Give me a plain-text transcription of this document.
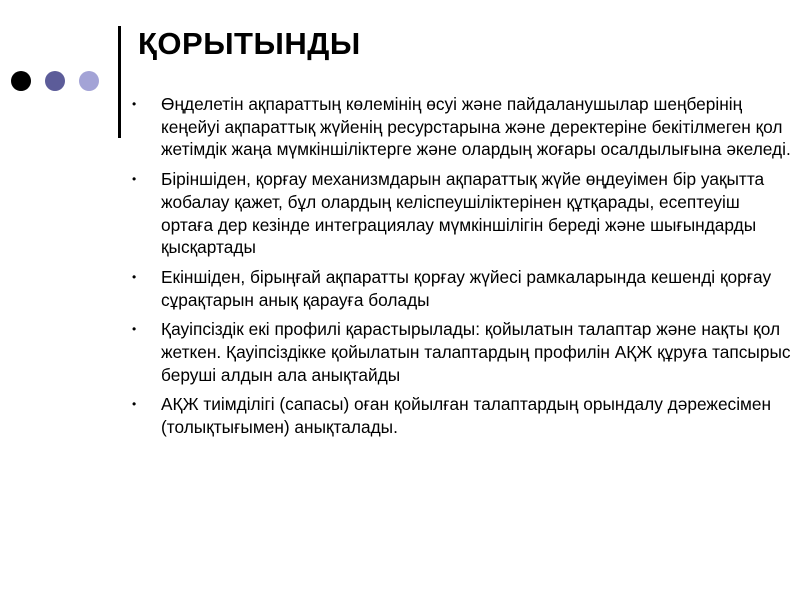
ҚОРЫТЫНДЫ
• Өңделетін ақпараттың көлемінің өсуі және пайдаланушылар шеңберінің кеңейуі ақпараттық жүйенің ресурстарына және деректеріне бекітілмеген қол жетімдік жаңа мүмкіншіліктерге және олардың жоғары осалдылығына әкеледі.
• Біріншіден, қорғау механизмдарын ақпараттық жүйе өңдеуімен бір уақытта жобалау қажет, бұл олардың келіспеушіліктерінен құтқарады, есептеуіш ортаға дер кезінде интеграциялау мүмкіншілігін береді және шығындарды қысқартады
• Екіншіден, бірыңғай ақпаратты қорғау жүйесі рамкаларында кешенді қорғау сұрақтарын анық қарауға болады
• Қауіпсіздік екі профилі қарастырылады: қойылатын талаптар және нақты қол жеткен. Қауіпсіздікке қойылатын талаптардың профилін АҚЖ құруға тапсырыс беруші алдын ала анықтайды
• АҚЖ тиімділігі (сапасы) оған қойылған талаптардың орындалу дәрежесімен (толықтығымен) анықталады.
